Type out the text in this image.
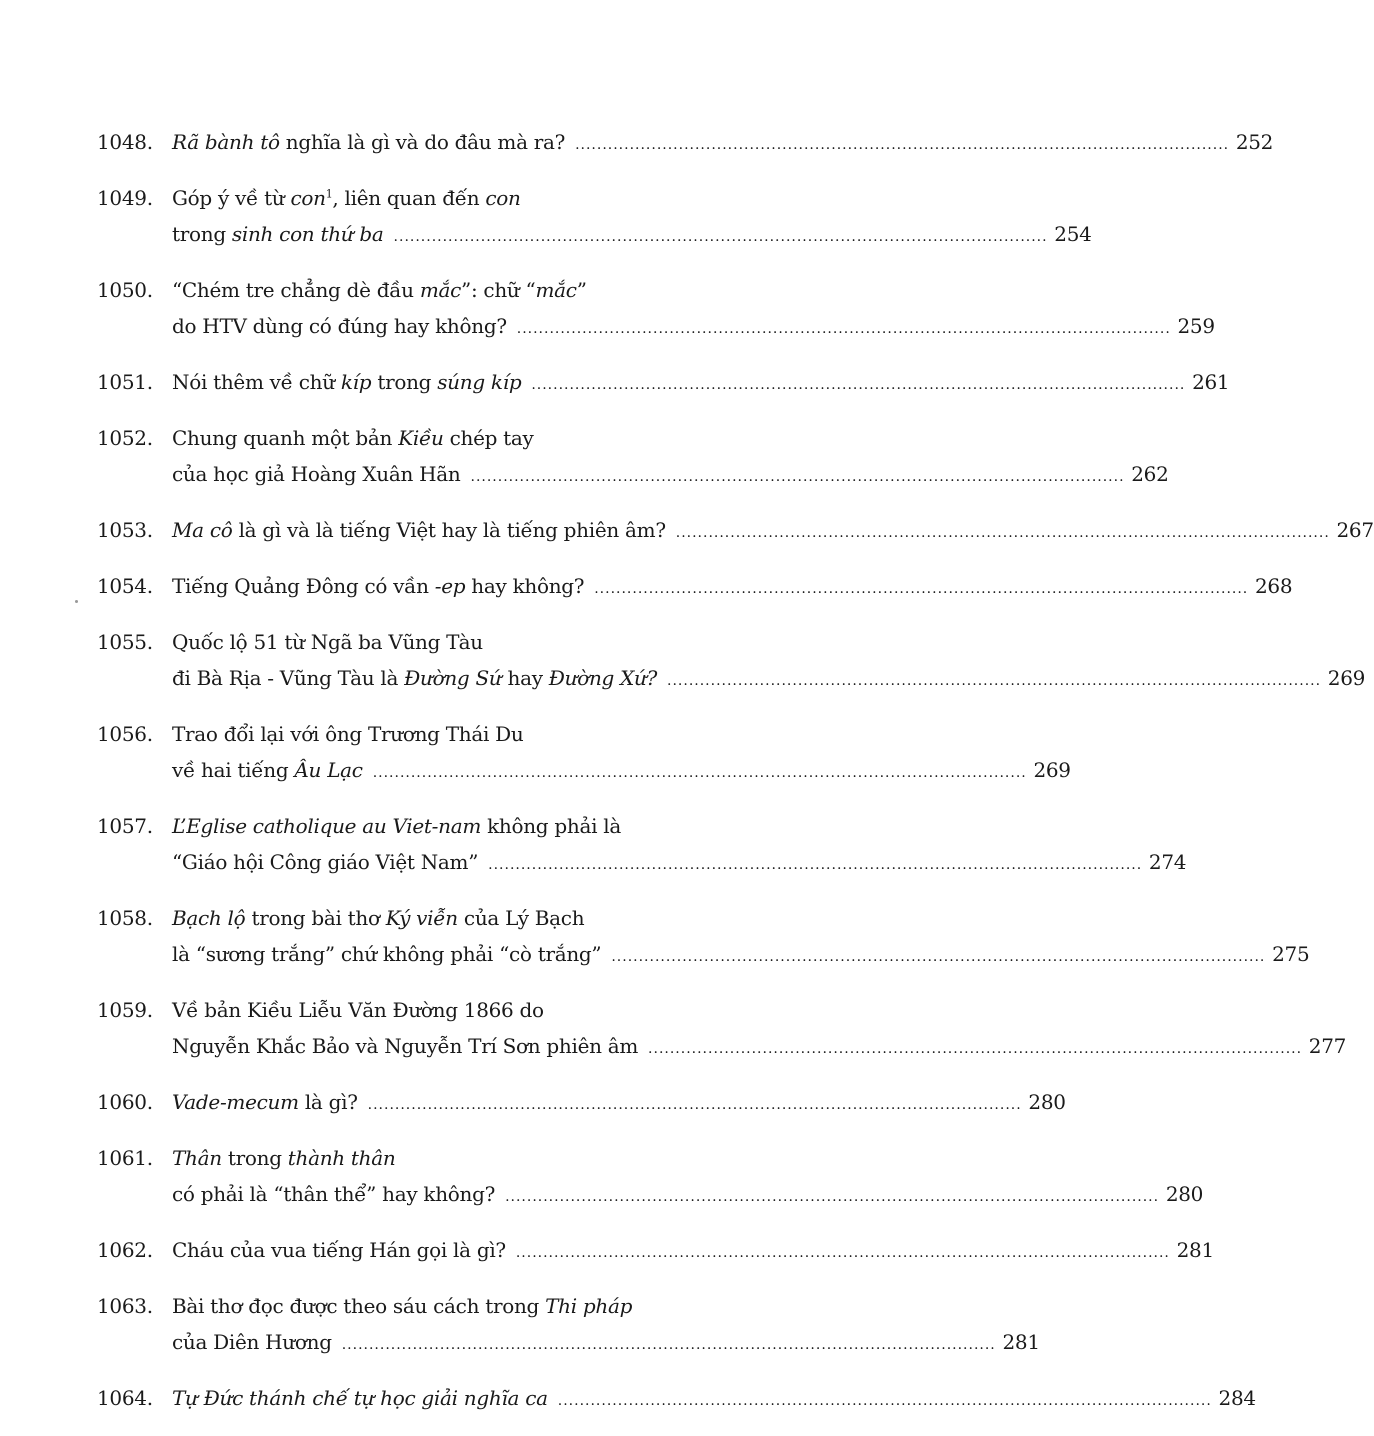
1048. Rã bành tô nghĩa là gì và do đâu mà ra? ........................................................................................................................ 252
1049. Góp ý về từ con$^1$, liên quan đến con
trong sinh con thứ ba ........................................................................................................................ 254
1050. “Chém tre chẳng dè đầu mắc”: chữ “mắc”
do HTV dùng có đúng hay không? ........................................................................................................................ 259
1051. Nói thêm về chữ kíp trong súng kíp ........................................................................................................................ 261
1052. Chung quanh một bản Kiều chép tay
của học giả Hoàng Xuân Hãn ........................................................................................................................ 262
1053. Ma cô là gì và là tiếng Việt hay là tiếng phiên âm? ........................................................................................................................ 267
1054. Tiếng Quảng Đông có vần -ep hay không? ........................................................................................................................ 268
1055. Quốc lộ 51 từ Ngã ba Vũng Tàu
đi Bà Rịa - Vũng Tàu là Đường Sứ hay Đường Xứ? ........................................................................................................................ 269
1056. Trao đổi lại với ông Trương Thái Du
về hai tiếng Âu Lạc ........................................................................................................................ 269
1057. L’Eglise catholique au Viet-nam không phải là
“Giáo hội Công giáo Việt Nam” ........................................................................................................................ 274
1058. Bạch lộ trong bài thơ Ký viễn của Lý Bạch
là “sương trắng” chứ không phải “cò trắng” ........................................................................................................................ 275
1059. Về bản Kiều Liễu Văn Đường 1866 do
Nguyễn Khắc Bảo và Nguyễn Trí Sơn phiên âm ........................................................................................................................ 277
1060. Vade-mecum là gì? ........................................................................................................................ 280
1061. Thân trong thành thân
có phải là “thân thể” hay không? ........................................................................................................................ 280
1062. Cháu của vua tiếng Hán gọi là gì? ........................................................................................................................ 281
1063. Bài thơ đọc được theo sáu cách trong Thi pháp
của Diên Hương ........................................................................................................................ 281
1064. Tự Đức thánh chế tự học giải nghĩa ca ........................................................................................................................ 284
